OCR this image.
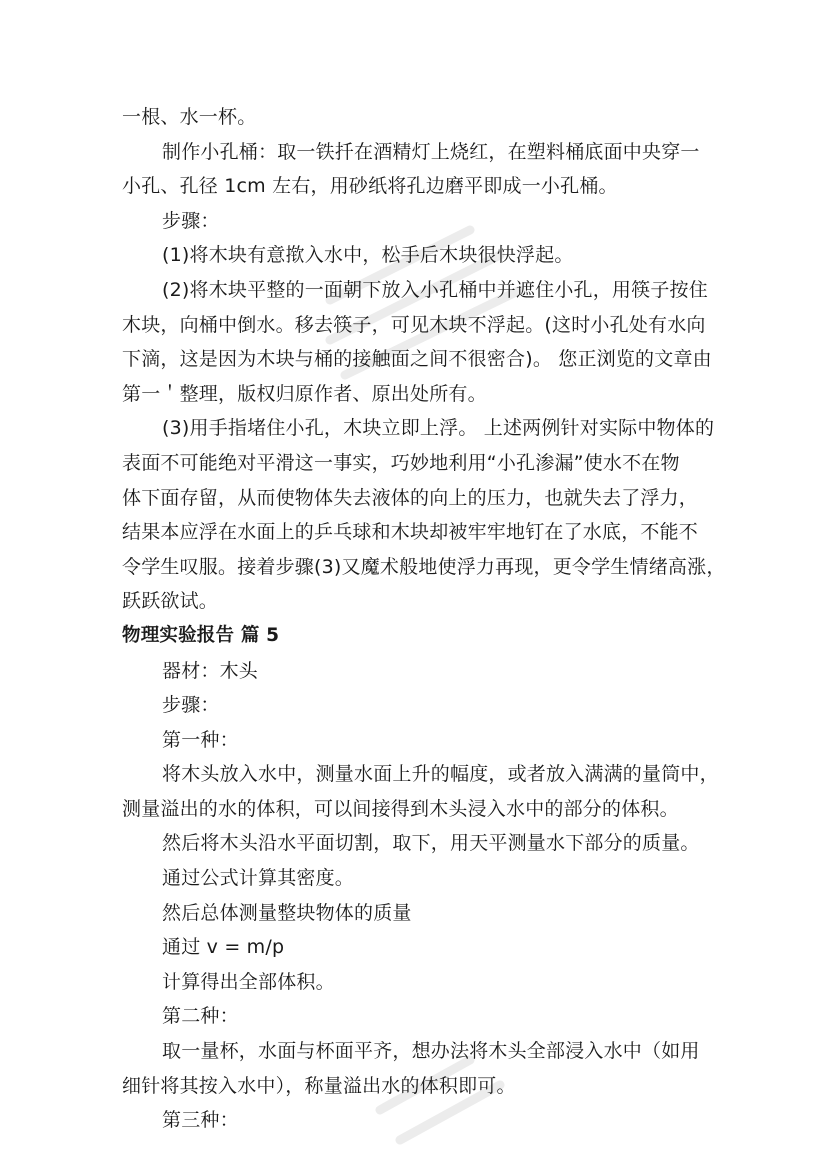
一根、水一杯。
制作小孔桶：取一铁扦在酒精灯上烧红，在塑料桶底面中央穿一
小孔、孔径 1cm 左右，用砂纸将孔边磨平即成一小孔桶。
步骤：
(1)将木块有意揿入水中，松手后木块很快浮起。
(2)将木块平整的一面朝下放入小孔桶中并遮住小孔，用筷子按住
木块，向桶中倒水。移去筷子，可见木块不浮起。(这时小孔处有水向
下滴，这是因为木块与桶的接触面之间不很密合)。 您正浏览的文章由
第一＇整理，版权归原作者、原出处所有。
(3)用手指堵住小孔，木块立即上浮。 上述两例针对实际中物体的
表面不可能绝对平滑这一事实，巧妙地利用“小孔渗漏”使水不在物
体下面存留，从而使物体失去液体的向上的压力，也就失去了浮力，
结果本应浮在水面上的乒乓球和木块却被牢牢地钉在了水底，不能不
令学生叹服。接着步骤(3)又魔术般地使浮力再现，更令学生情绪高涨，
跃跃欲试。
物理实验报告 篇 5
器材：木头
步骤：
第一种：
将木头放入水中，测量水面上升的幅度，或者放入满满的量筒中，
测量溢出的水的体积，可以间接得到木头浸入水中的部分的体积。
然后将木头沿水平面切割，取下，用天平测量水下部分的质量。
通过公式计算其密度。
然后总体测量整块物体的质量
通过 v = m/p
计算得出全部体积。
第二种：
取一量杯，水面与杯面平齐，想办法将木头全部浸入水中（如用
细针将其按入水中），称量溢出水的体积即可。
第三种：
